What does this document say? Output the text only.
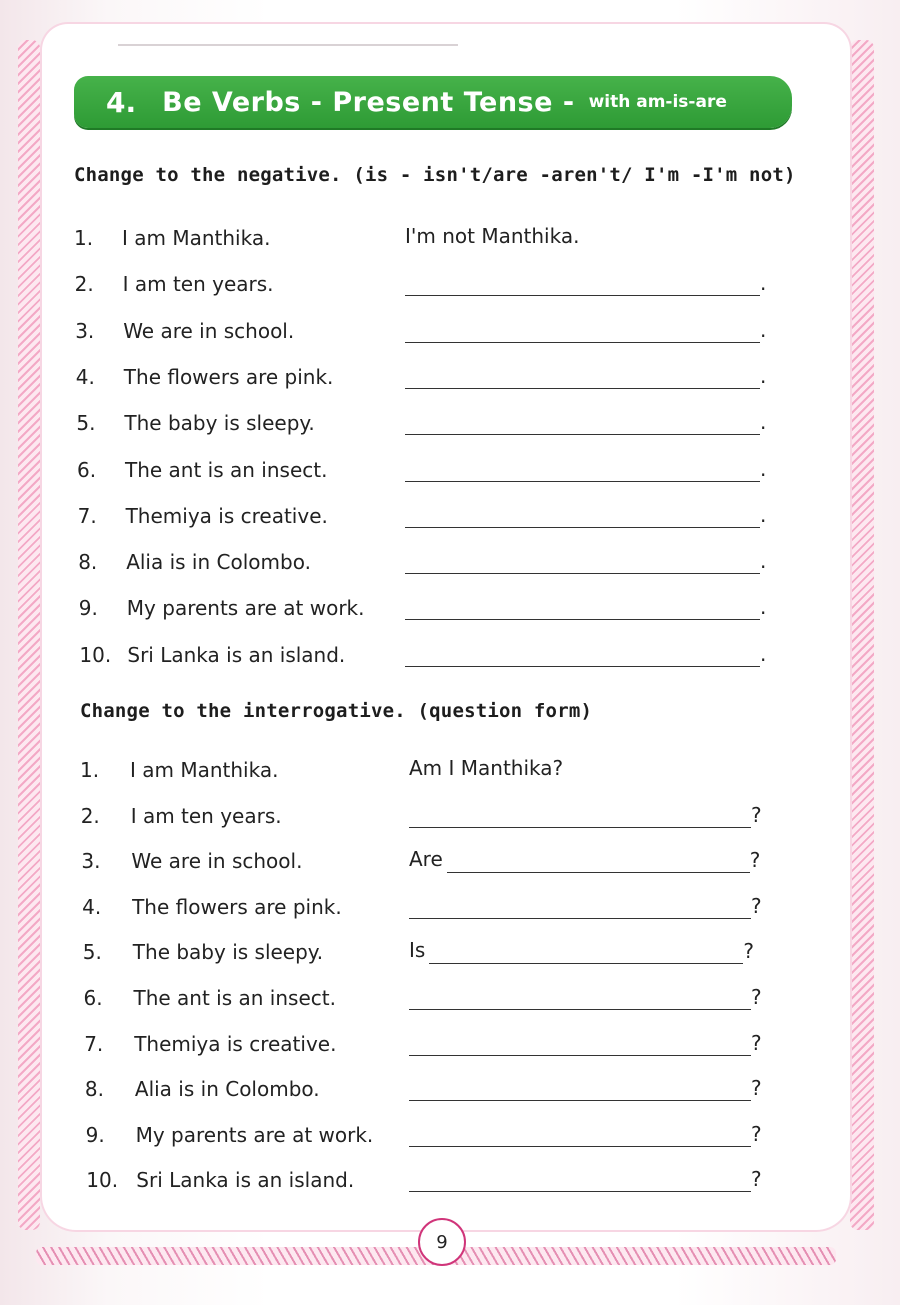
4. Be Verbs - Present Tense - with am-is-are
Change to the negative. (is - isn't/are -aren't/ I'm -I'm not)
1. I am Manthika.	I'm not Manthika.
2. I am ten years.	.
3. We are in school.	.
4. The flowers are pink.	.
5. The baby is sleepy.	.
6. The ant is an insect.	.
7. Themiya is creative.	.
8. Alia is in Colombo.	.
9. My parents are at work.	.
10. Sri Lanka is an island.	.
Change to the interrogative. (question form)
1. I am Manthika.	Am I Manthika?
2. I am ten years.	?
3. We are in school.	Are	?
4. The flowers are pink.	?
5. The baby is sleepy.	Is	?
6. The ant is an insect.	?
7. Themiya is creative.	?
8. Alia is in Colombo.	?
9. My parents are at work.	?
10. Sri Lanka is an island.	?
9
